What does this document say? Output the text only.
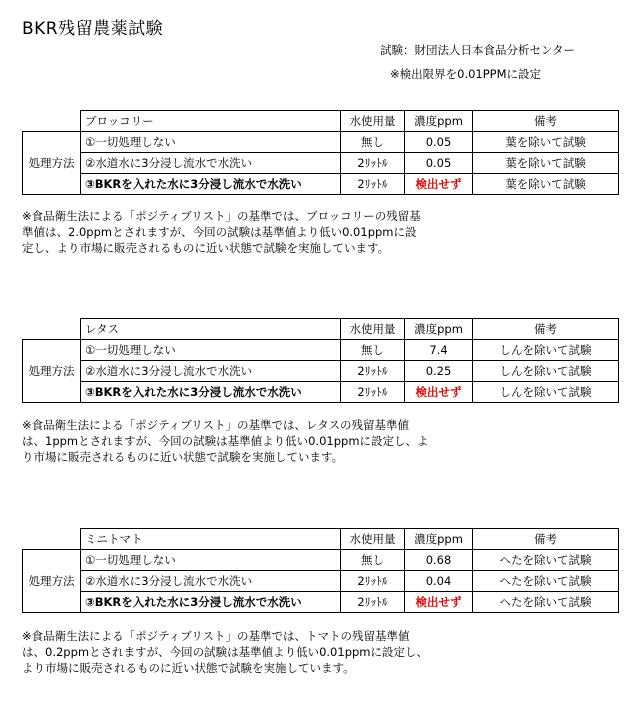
BKR残留農薬試験
試験：財団法人日本食品分析センター
※検出限界を0.01PPMに設定
	ブロッコリー	水使用量	濃度ppm	備考
処理方法	①一切処理しない	無し	0.05	葉を除いて試験
	②水道水に3分浸し流水で水洗い	2ﾘｯﾄﾙ	0.05	葉を除いて試験
	③BKRを入れた水に3分浸し流水で水洗い	2ﾘｯﾄﾙ	検出せず	葉を除いて試験
※食品衛生法による「ポジティブリスト」の基準では、ブロッコリーの残留基
準値は、2.0ppmとされますが、今回の試験は基準値より低い0.01ppmに設
定し、より市場に販売されるものに近い状態で試験を実施しています。
	レタス	水使用量	濃度ppm	備考
処理方法	①一切処理しない	無し	7.4	しんを除いて試験
	②水道水に3分浸し流水で水洗い	2ﾘｯﾄﾙ	0.25	しんを除いて試験
	③BKRを入れた水に3分浸し流水で水洗い	2ﾘｯﾄﾙ	検出せず	しんを除いて試験
※食品衛生法による「ポジティブリスト」の基準では、レタスの残留基準値
は、1ppmとされますが、今回の試験は基準値より低い0.01ppmに設定し、よ
り市場に販売されるものに近い状態で試験を実施しています。
	ミニトマト	水使用量	濃度ppm	備考
処理方法	①一切処理しない	無し	0.68	へたを除いて試験
	②水道水に3分浸し流水で水洗い	2ﾘｯﾄﾙ	0.04	へたを除いて試験
	③BKRを入れた水に3分浸し流水で水洗い	2ﾘｯﾄﾙ	検出せず	へたを除いて試験
※食品衛生法による「ポジティブリスト」の基準では、トマトの残留基準値
は、0.2ppmとされますが、今回の試験は基準値より低い0.01ppmに設定し、
より市場に販売されるものに近い状態で試験を実施しています。
